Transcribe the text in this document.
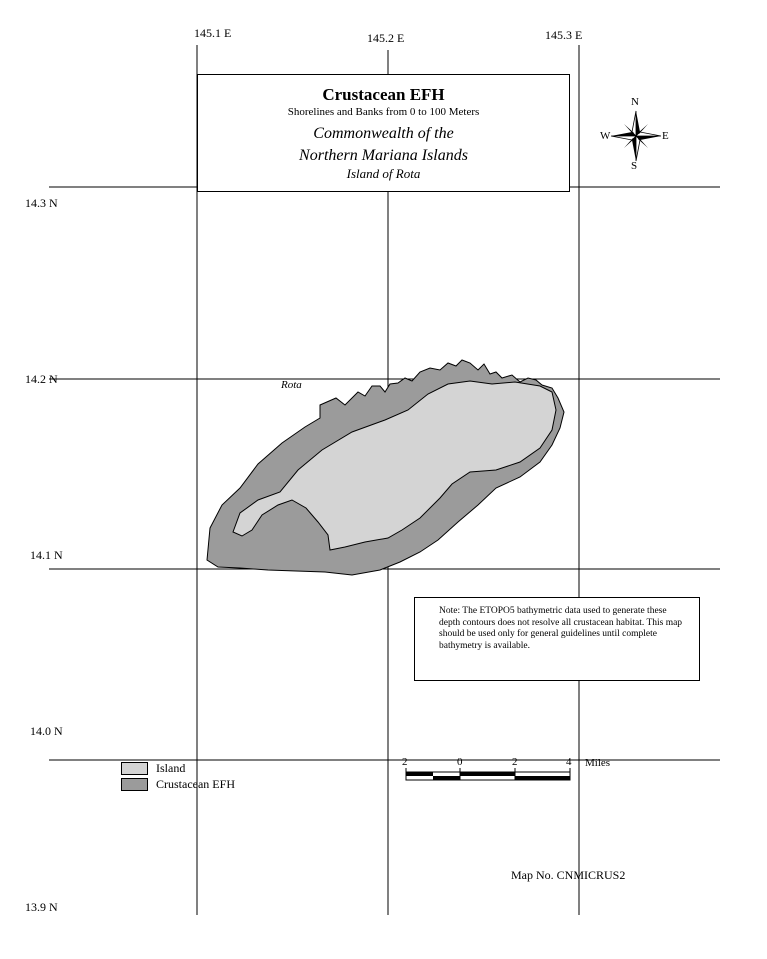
145.1 E	145.2 E	145.3 E
14.3 N
14.2 N
14.1 N
14.0 N
13.9 N
Crustacean EFH
Shorelines and Banks from 0 to 100 Meters
Commonwealth of the
Northern Mariana Islands
Island of Rota
N
S
E
W
Rota
Note: The ETOPO5 bathymetric data used to generate these depth contours does not resolve all crustacean habitat. This map should be used only for general guidelines until complete bathymetry is available.
Island
Crustacean EFH
2	0	2	4 Miles
Map No. CNMICRUS2
